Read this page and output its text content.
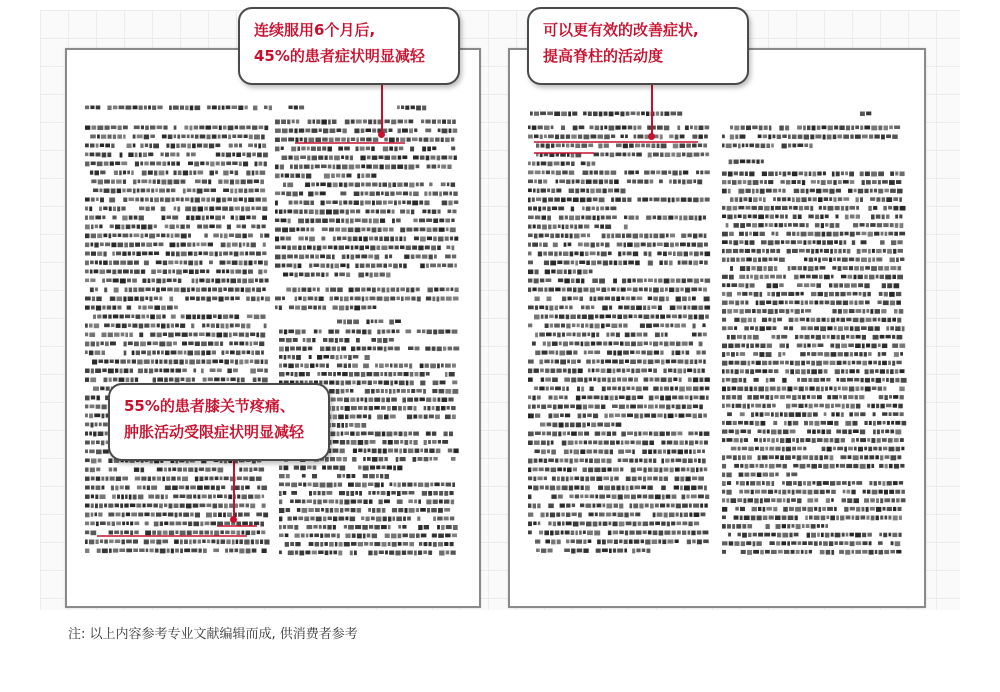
连续服用6个月后,
45%的患者症状明显减轻
可以更有效的改善症状,
提高脊柱的活动度
55%的患者膝关节疼痛、
肿胀活动受限症状明显减轻
注: 以上内容参考专业文献编辑而成, 供消费者参考
